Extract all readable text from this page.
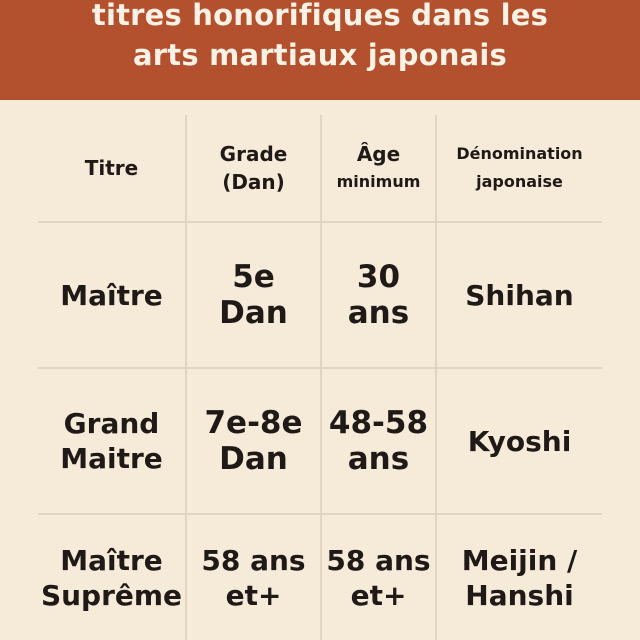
titres honorifiques dans les
arts martiaux japonais
Titre
Grade
(Dan)
Âge
minimum
Dénomination
japonaise
Maître 5e
Dan
30
ans Shihan
Grand
Maitre
7e-8e
Dan
48-58
ans Kyoshi
Maître
Suprême
58 ans
et+
58 ans
et+
Meijin /
Hanshi
